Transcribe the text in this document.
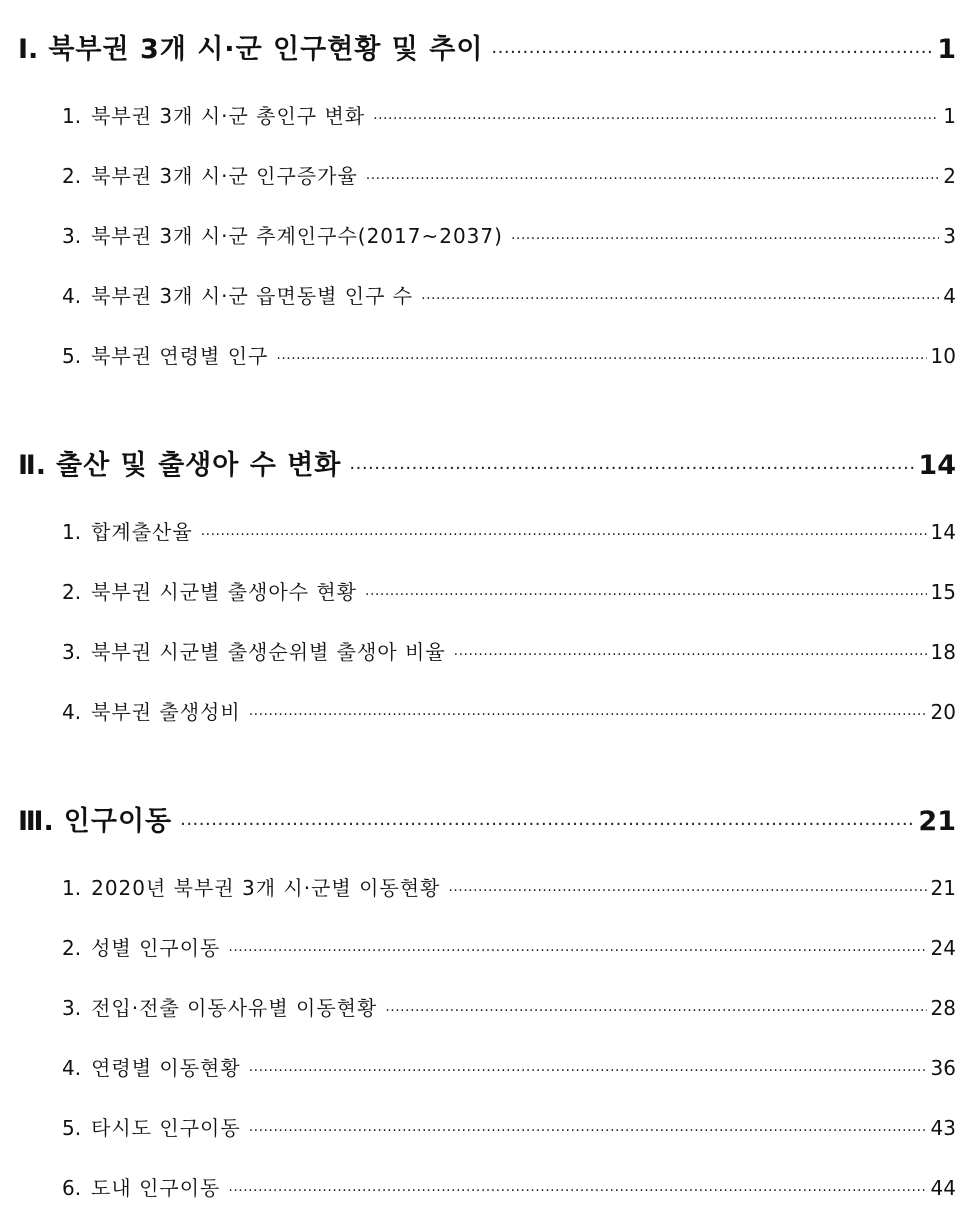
Ⅰ. 북부권 3개 시·군 인구현황 및 추이 ·····	1
1. 북부권 3개 시·군 총인구 변화 ·····	1
2. 북부권 3개 시·군 인구증가율 ·····	2
3. 북부권 3개 시·군 추계인구수(2017~2037) ·····	3
4. 북부권 3개 시·군 읍면동별 인구 수 ·····	4
5. 북부권 연령별 인구 ·····	10
Ⅱ. 출산 및 출생아 수 변화 ·····	14
1. 합계출산율 ·····	14
2. 북부권 시군별 출생아수 현황 ·····	15
3. 북부권 시군별 출생순위별 출생아 비율 ·····	18
4. 북부권 출생성비 ·····	20
Ⅲ. 인구이동 ·····	21
1. 2020년 북부권 3개 시·군별 이동현황 ·····	21
2. 성별 인구이동 ·····	24
3. 전입·전출 이동사유별 이동현황 ·····	28
4. 연령별 이동현황 ·····	36
5. 타시도 인구이동 ·····	43
6. 도내 인구이동 ·····	44
